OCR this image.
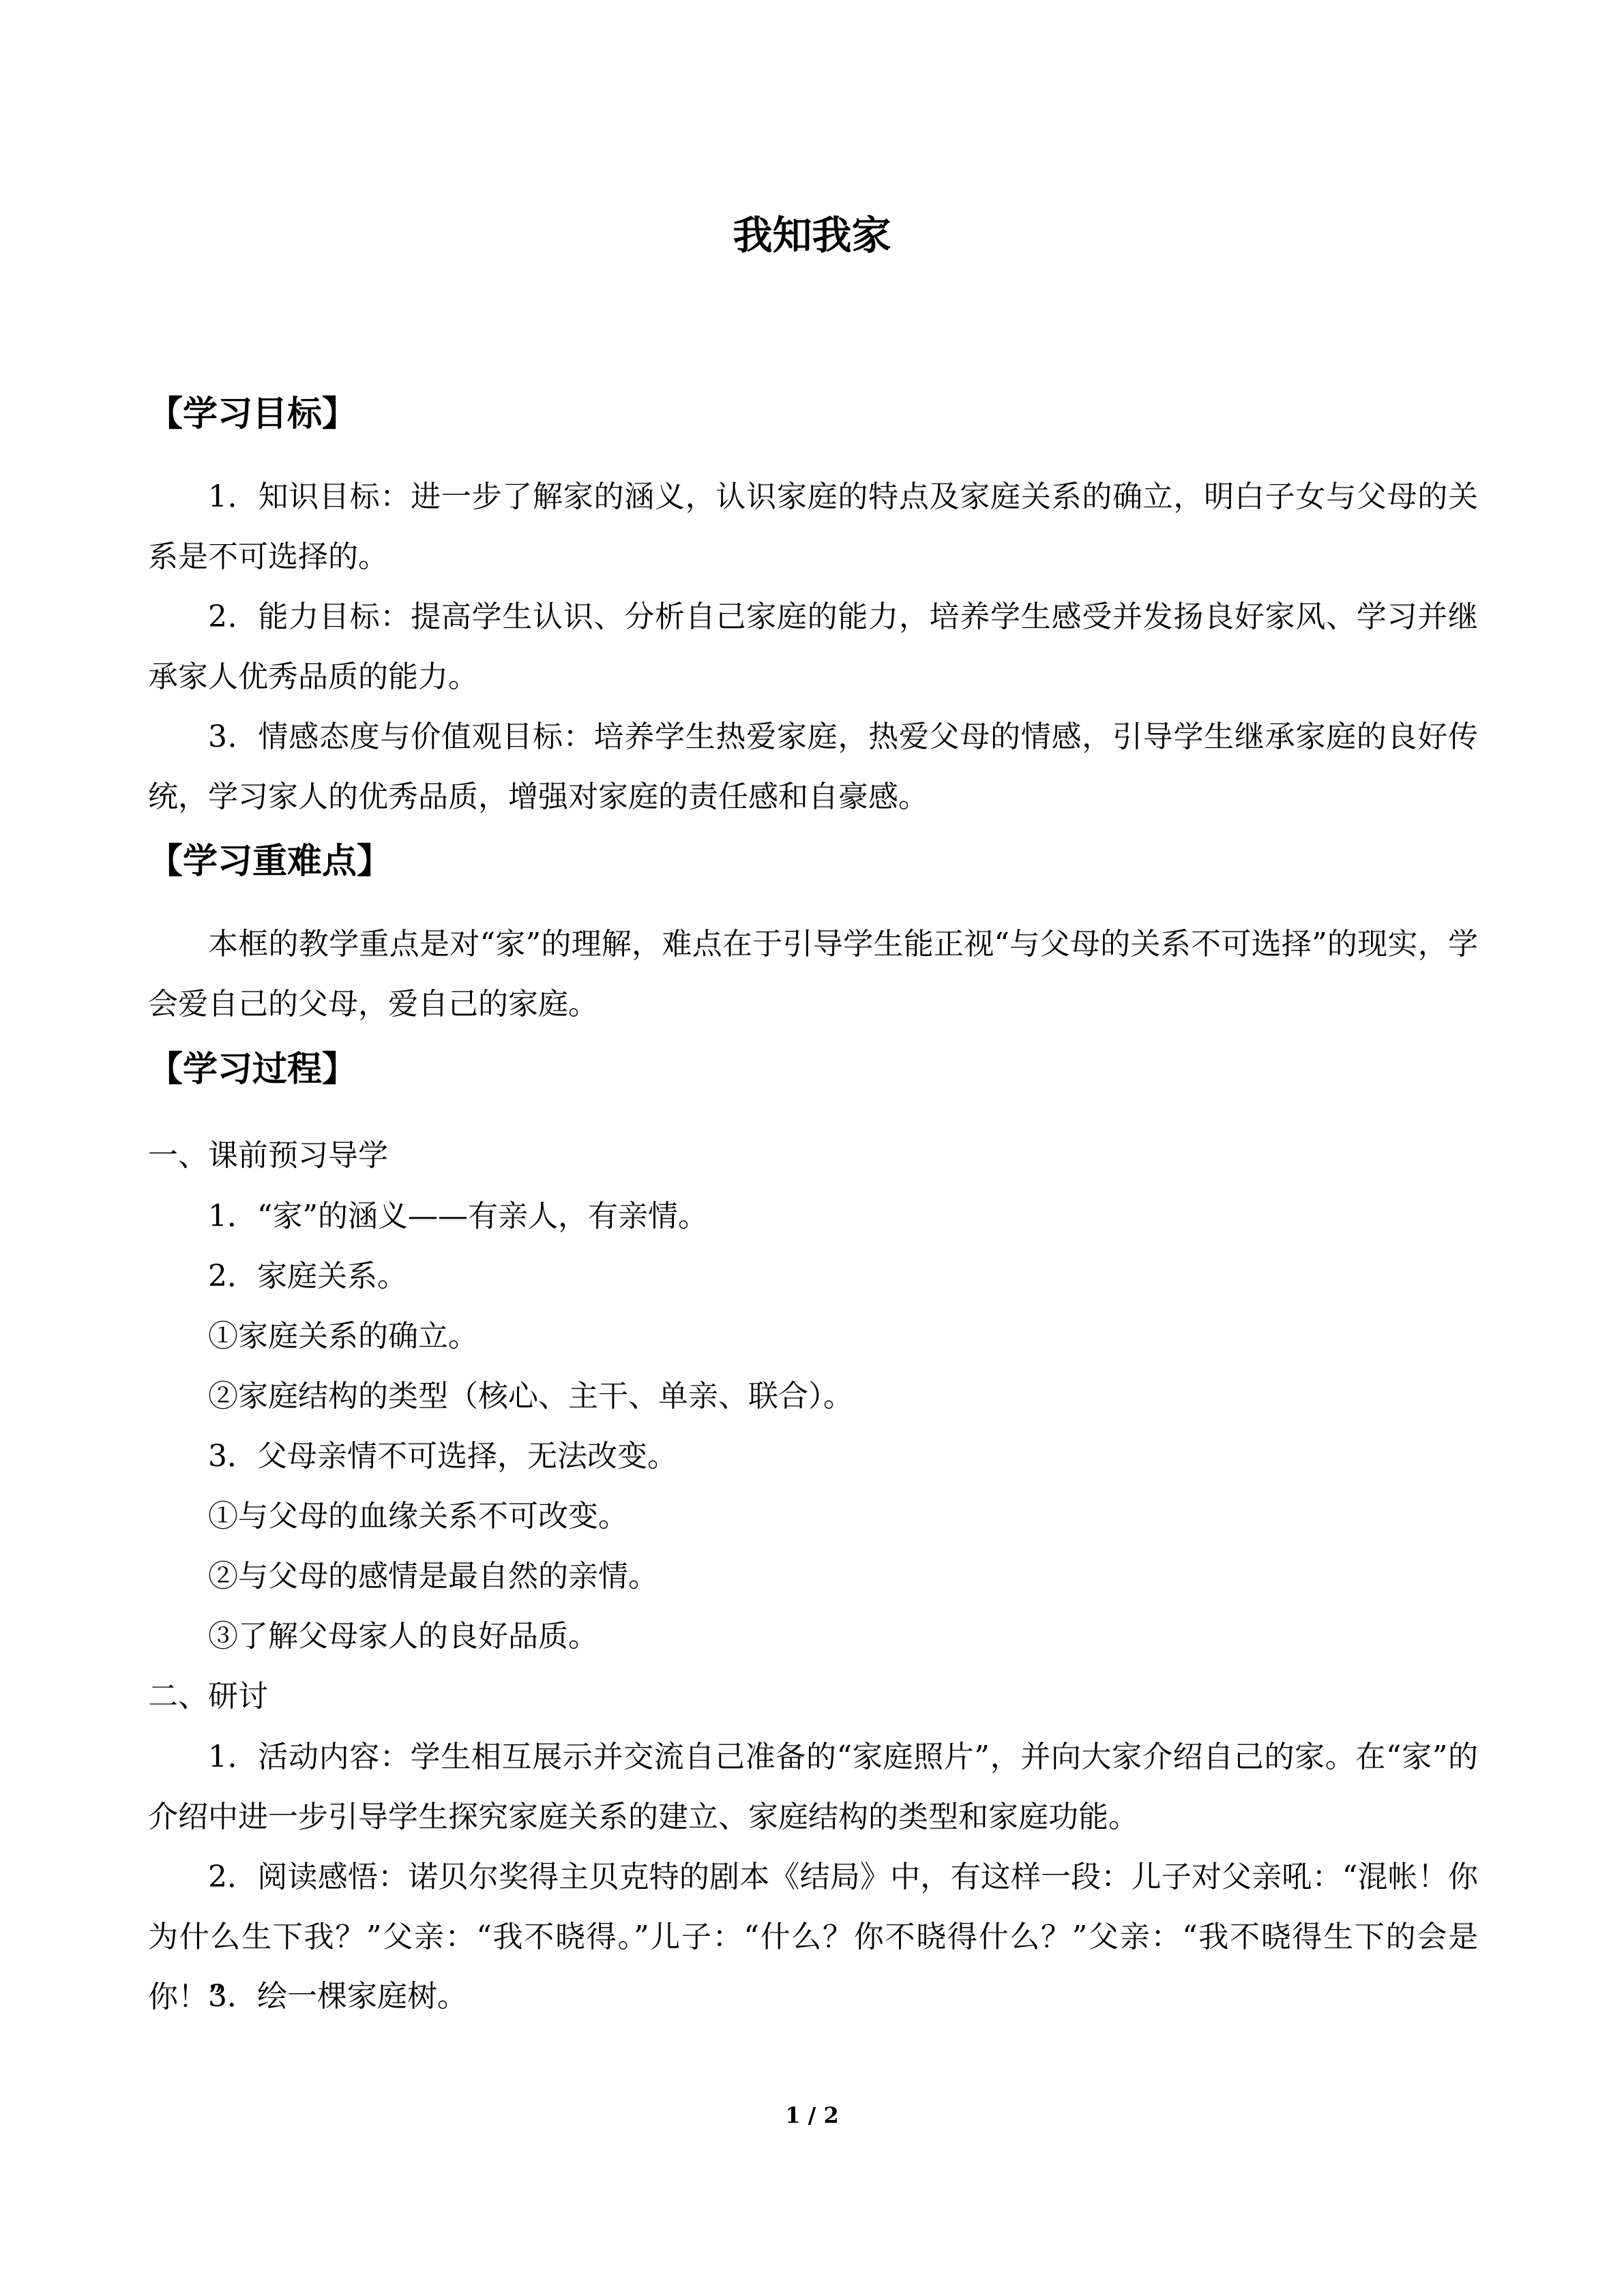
我知我家
【学习目标】
1．知识目标：进一步了解家的涵义，认识家庭的特点及家庭关系的确立，明白子女与父母的关系是不可选择的。
2．能力目标：提高学生认识、分析自己家庭的能力，培养学生感受并发扬良好家风、学习并继承家人优秀品质的能力。
3．情感态度与价值观目标：培养学生热爱家庭，热爱父母的情感，引导学生继承家庭的良好传统，学习家人的优秀品质，增强对家庭的责任感和自豪感。
【学习重难点】
本框的教学重点是对“家”的理解，难点在于引导学生能正视“与父母的关系不可选择”的现实，学会爱自己的父母，爱自己的家庭。
【学习过程】
一、课前预习导学
1．“家”的涵义——有亲人，有亲情。
2．家庭关系。
①家庭关系的确立。
②家庭结构的类型（核心、主干、单亲、联合）。
3．父母亲情不可选择，无法改变。
①与父母的血缘关系不可改变。
②与父母的感情是最自然的亲情。
③了解父母家人的良好品质。
二、研讨
1．活动内容：学生相互展示并交流自己准备的“家庭照片”，并向大家介绍自己的家。在“家”的介绍中进一步引导学生探究家庭关系的建立、家庭结构的类型和家庭功能。
2．阅读感悟：诺贝尔奖得主贝克特的剧本《结局》中，有这样一段：儿子对父亲吼：“混帐！你为什么生下我？”父亲：“我不晓得。”儿子：“什么？你不晓得什么？”父亲：“我不晓得生下的会是你！”
3．绘一棵家庭树。
1 / 2
